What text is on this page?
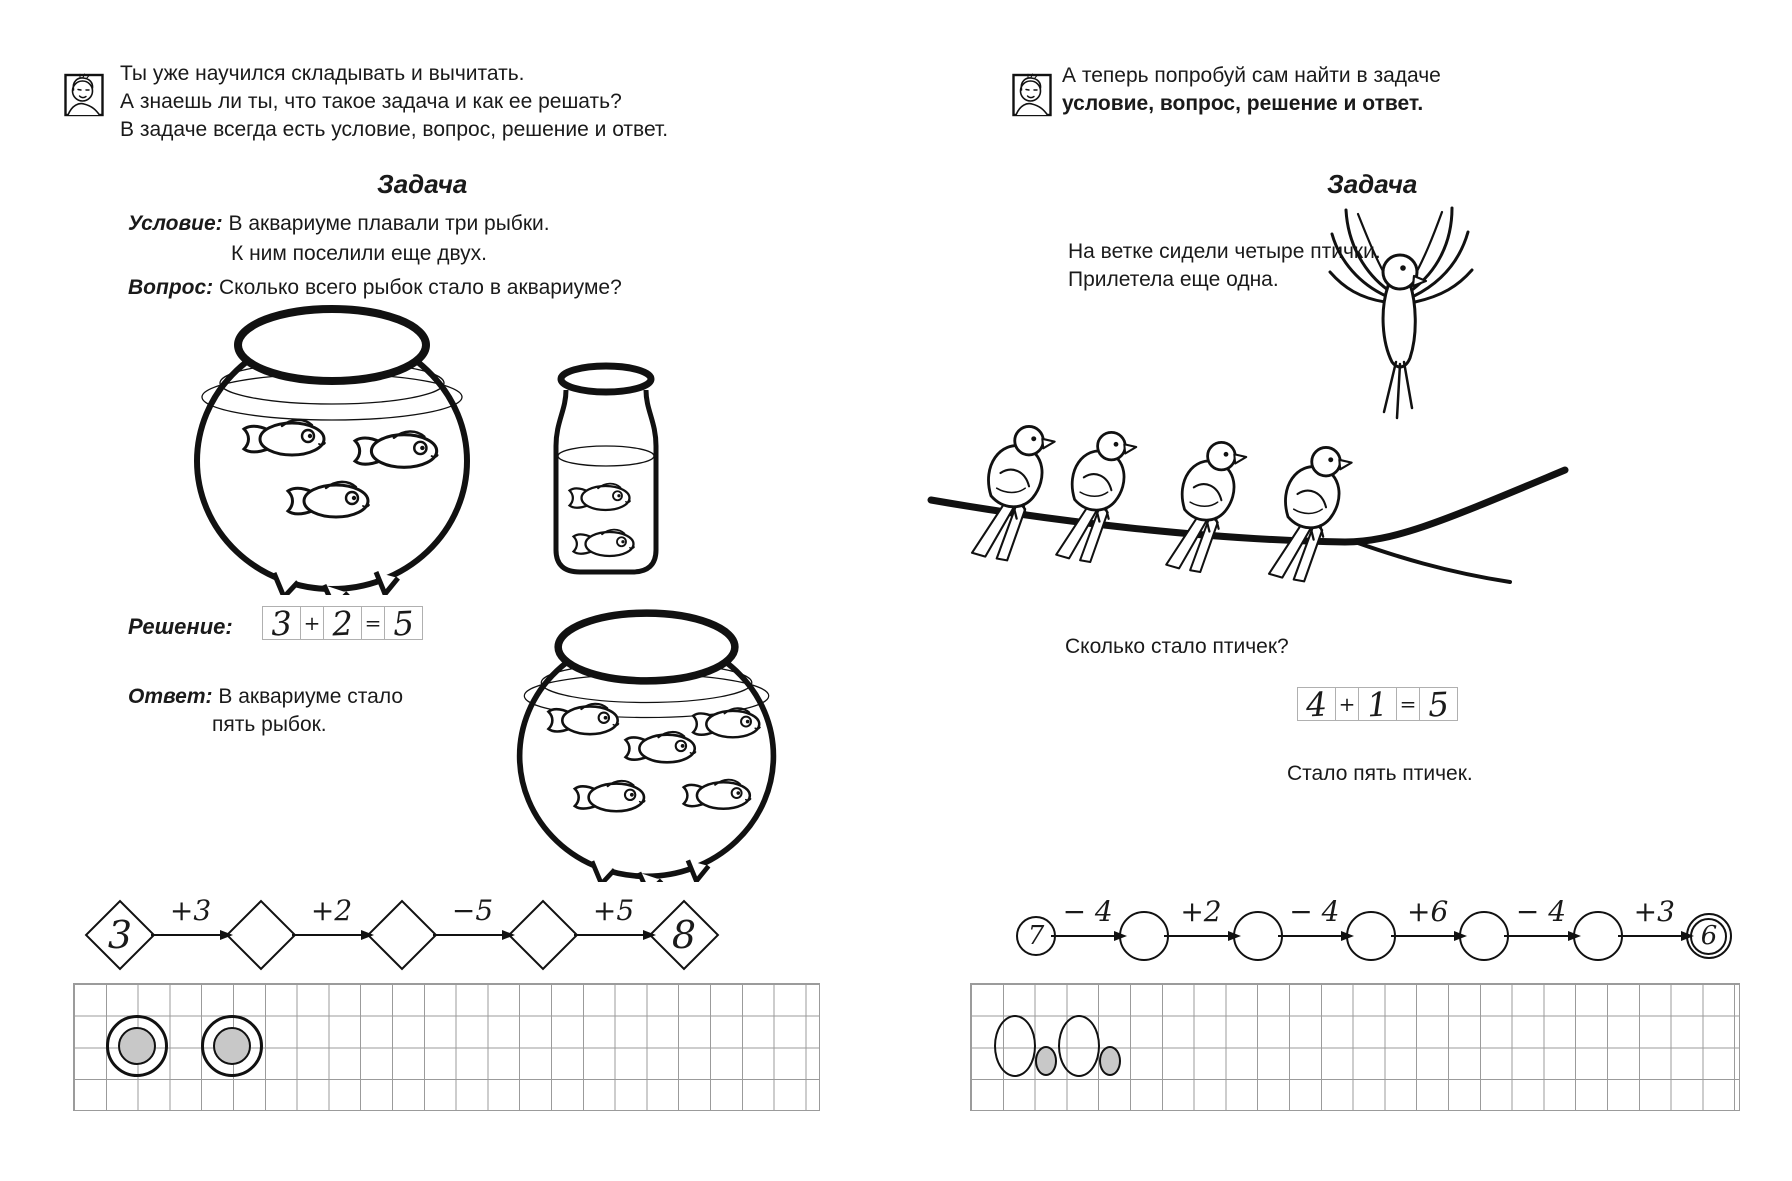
Ты уже научился складывать и вычитать.
А знаешь ли ты, что такое задача и как ее решать?
В задаче всегда есть условие, вопрос, решение и ответ.
Задача
Условие: В аквариуме плавали три рыбки.
К ним поселили еще двух.
Вопрос: Сколько всего рыбок стало в аквариуме?
Решение: 3 + 2 = 5
Ответ: В аквариуме стало
пять рыбок.
3
+3	+2	−5	+5
8
А теперь попробуй сам найти в задаче
условие, вопрос, решение и ответ.
Задача
На ветке сидели четыре птички.
Прилетела еще одна.
Сколько стало птичек?
4 + 1 = 5
Стало пять птичек.
7
− 4 +2 − 4 +6 − 4 +3
6
